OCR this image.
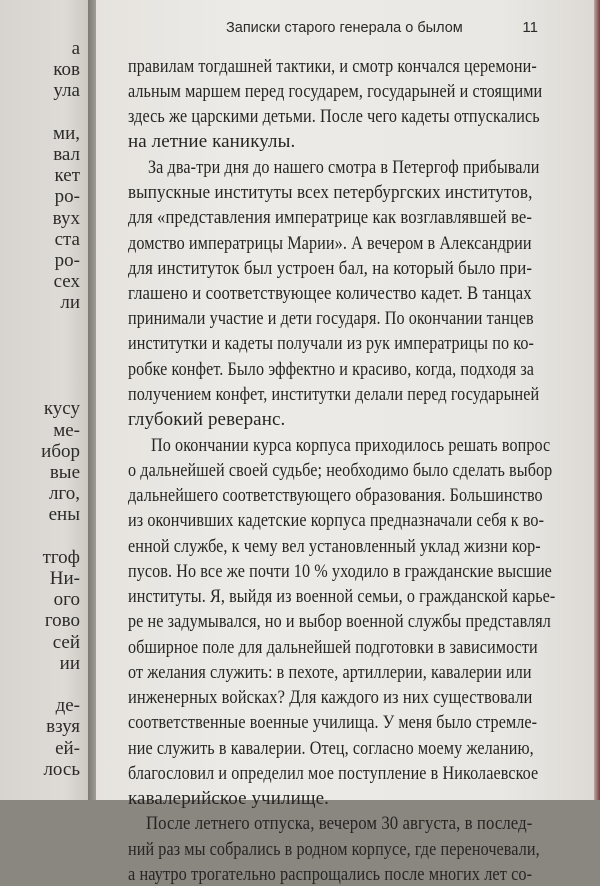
а
ков
ула
ми,
вал
кет
ро-
вух
ста
ро-
сех
ли
кусу
ме-
ибор
вые
лго,
ены
тгоф
Ни-
ого
гово
сей
ии
де-
взуя
ей-
лось
Записки старого генерала о былом	11
правилам тогдашней тактики, и смотр кончался церемони-
альным маршем перед государем, государыней и стоящими
здесь же царскими детьми. После чего кадеты отпускались
на летние каникулы.
За два-три дня до нашего смотра в Петергоф прибывали
выпускные институты всех петербургских институтов,
для «представления императрице как возглавлявшей ве-
домство императрицы Марии». А вечером в Александрии
для институток был устроен бал, на который было при-
глашено и соответствующее количество кадет. В танцах
принимали участие и дети государя. По окончании танцев
институтки и кадеты получали из рук императрицы по ко-
робке конфет. Было эффектно и красиво, когда, подходя за
получением конфет, институтки делали перед государыней
глубокий реверанс.
По окончании курса корпуса приходилось решать вопрос
о дальнейшей своей судьбе; необходимо было сделать выбор
дальнейшего соответствующего образования. Большинство
из окончивших кадетские корпуса предназначали себя к во-
енной службе, к чему вел установленный уклад жизни кор-
пусов. Но все же почти 10 % уходило в гражданские высшие
институты. Я, выйдя из военной семьи, о гражданской карье-
ре не задумывался, но и выбор военной службы представлял
обширное поле для дальнейшей подготовки в зависимости
от желания служить: в пехоте, артиллерии, кавалерии или
инженерных войсках? Для каждого из них существовали
соответственные военные училища. У меня было стремле-
ние служить в кавалерии. Отец, согласно моему желанию,
благословил и определил мое поступление в Николаевское
кавалерийское училище.
После летнего отпуска, вечером 30 августа, в послед-
ний раз мы собрались в родном корпусе, где переночевали,
а наутро трогательно распрощались после многих лет со-
